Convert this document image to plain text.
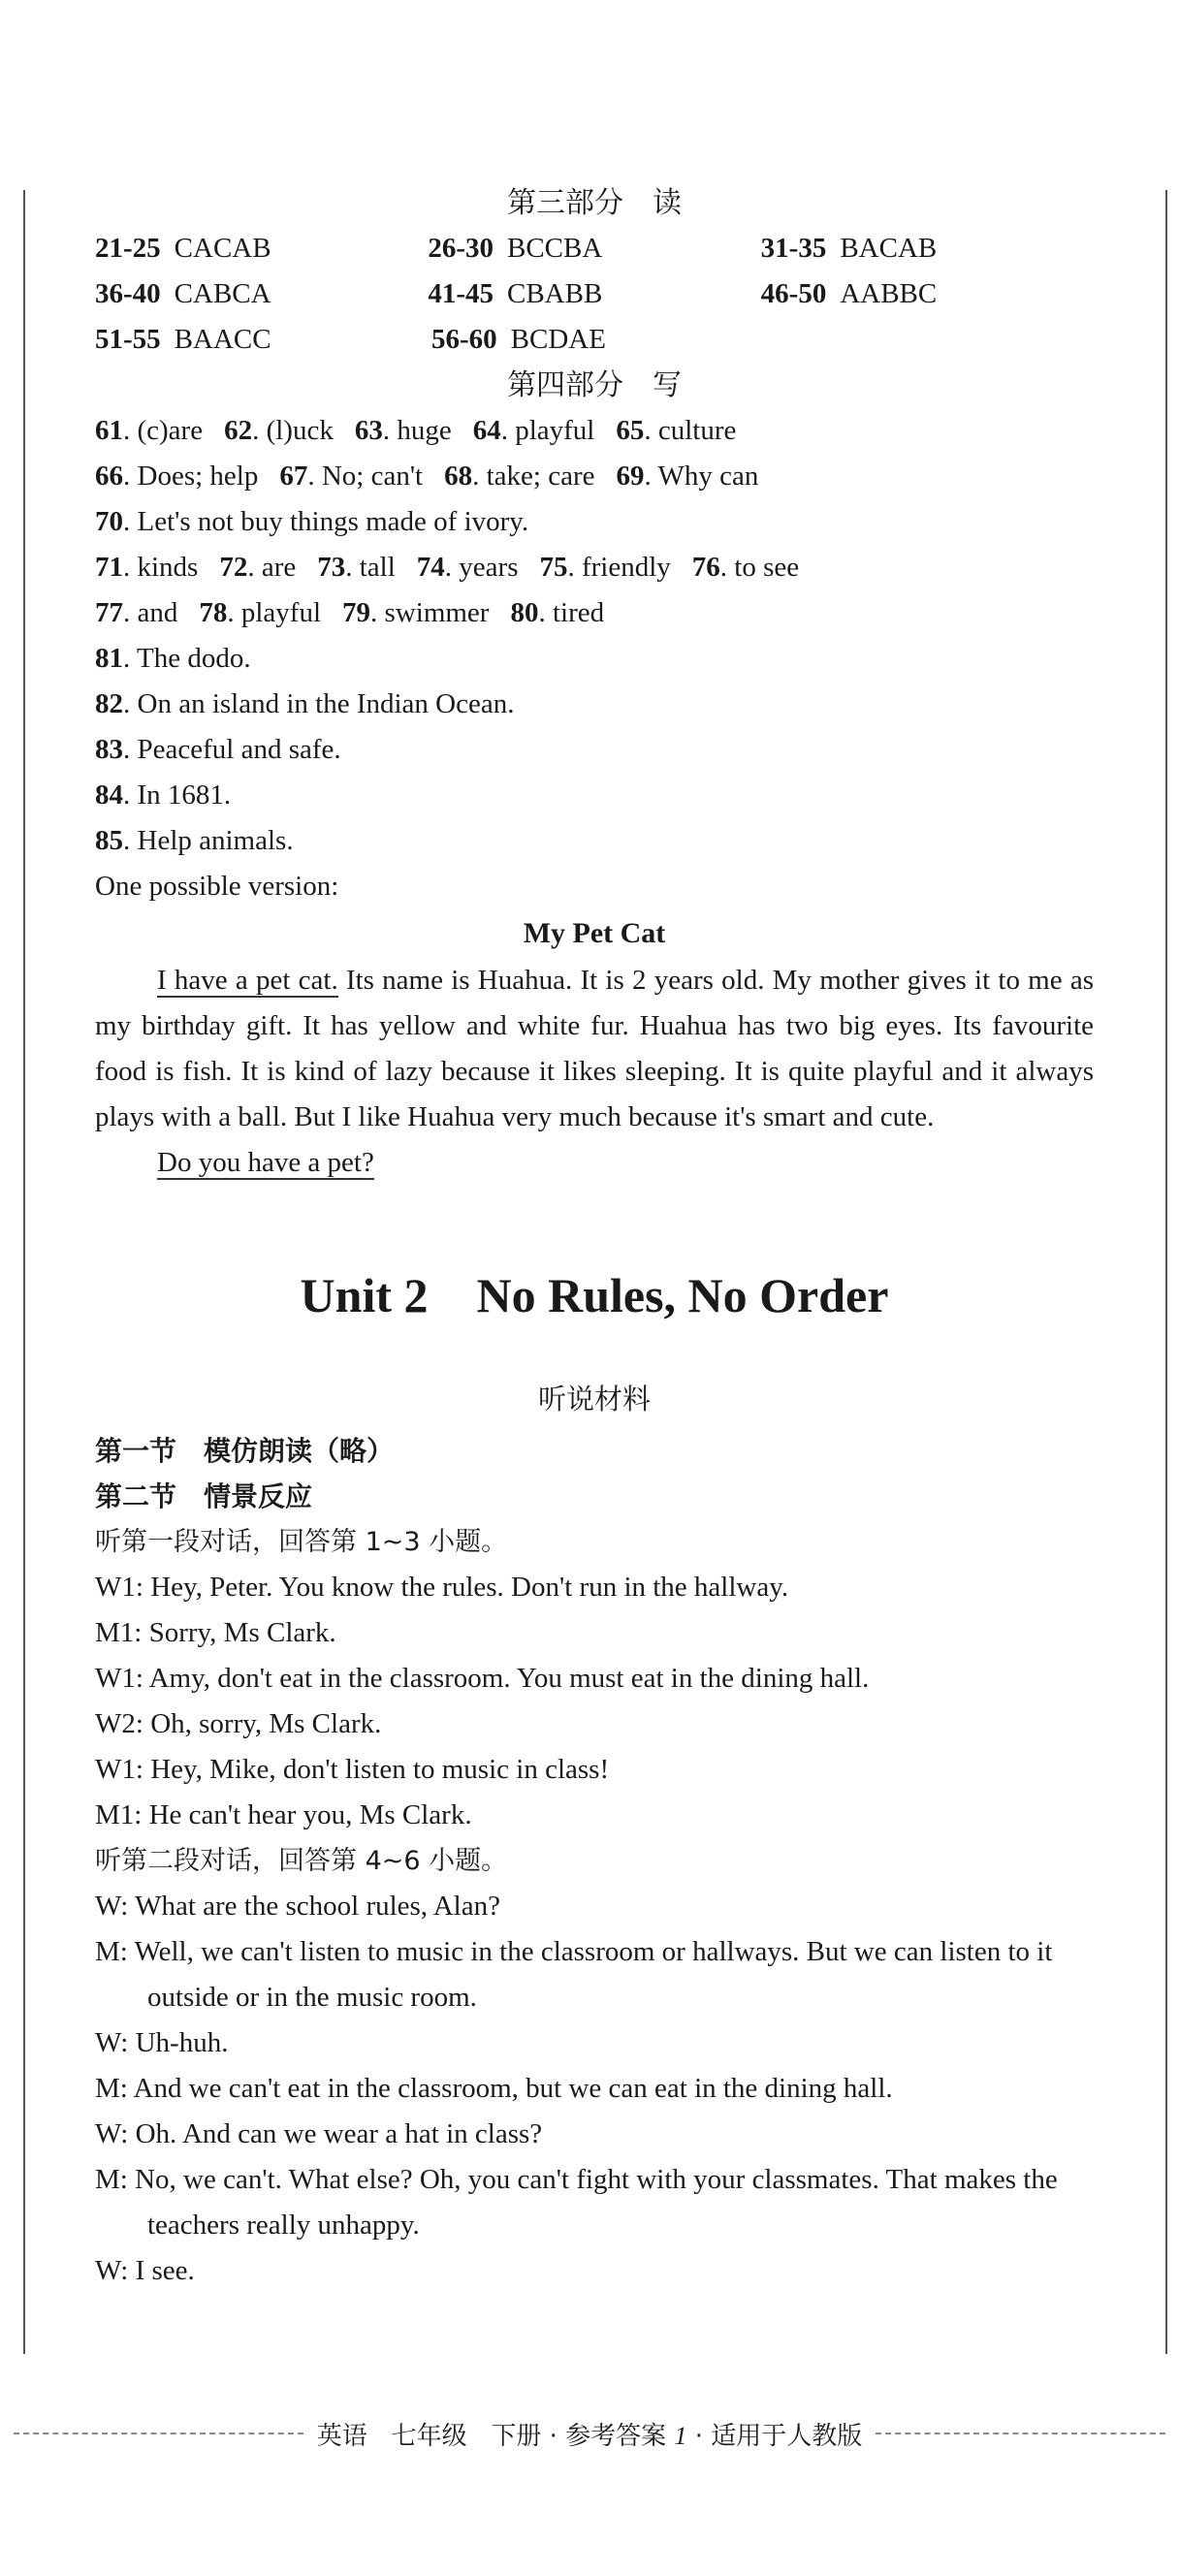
第三部分　读
21-25 CACAB	26-30 BCCBA	31-35 BACAB
36-40 CABCA	41-45 CBABB	46-50 AABBC
51-55 BAACC	56-60 BCDAE
第四部分　写
61. (c)are 62. (l)uck 63. huge 64. playful 65. culture
66. Does; help 67. No; can't 68. take; care 69. Why can
70. Let's not buy things made of ivory.
71. kinds 72. are 73. tall 74. years 75. friendly 76. to see
77. and 78. playful 79. swimmer 80. tired
81. The dodo.
82. On an island in the Indian Ocean.
83. Peaceful and safe.
84. In 1681.
85. Help animals.
One possible version:
My Pet Cat

I have a pet cat. Its name is Huahua. It is 2 years old. My mother gives it to me as my birthday gift. It has yellow and white fur. Huahua has two big eyes. Its favourite food is fish. It is kind of lazy because it likes sleeping. It is quite playful and it always plays with a ball. But I like Huahua very much because it's smart and cute.

Do you have a pet?

Unit 2　No Rules, No Order
听说材料
第一节　模仿朗读（略）
第二节　情景反应
听第一段对话，回答第 1~3 小题。

W1: Hey, Peter. You know the rules. Don't run in the hallway.

M1: Sorry, Ms Clark.

W1: Amy, don't eat in the classroom. You must eat in the dining hall.

W2: Oh, sorry, Ms Clark.

W1: Hey, Mike, don't listen to music in class!

M1: He can't hear you, Ms Clark.

听第二段对话，回答第 4~6 小题。

W: What are the school rules, Alan?

M: Well, we can't listen to music in the classroom or hallways. But we can listen to it outside or in the music room.

W: Uh-huh.

M: And we can't eat in the classroom, but we can eat in the dining hall.

W: Oh. And can we wear a hat in class?

M: No, we can't. What else? Oh, you can't fight with your classmates. That makes the teachers really unhappy.

W: I see.

英语 七年级 下册 · 参考答案 1 · 适用于人教版
